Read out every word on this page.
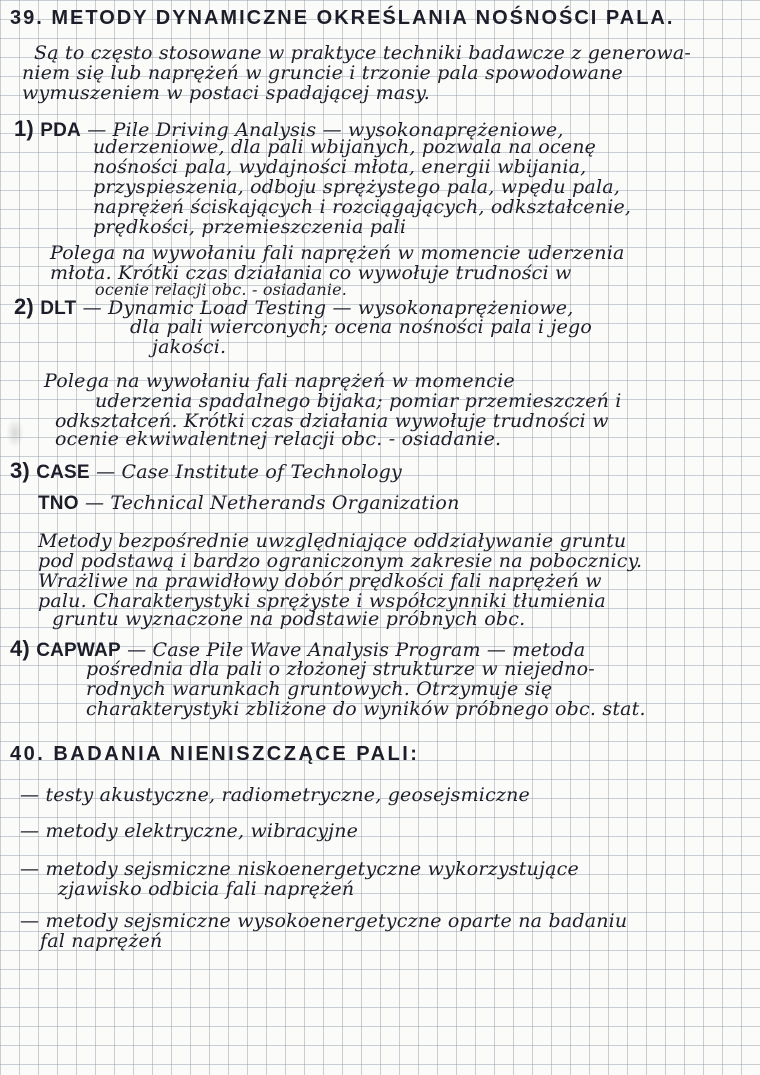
39. METODY DYNAMICZNE OKREŚLANIA NOŚNOŚCI PALA.
Są to często stosowane w praktyce techniki badawcze z generowa-
niem się lub naprężeń w gruncie i trzonie pala spowodowane
wymuszeniem w postaci spadającej masy.
1) PDA — Pile Driving Analysis — wysokonaprężeniowe,
uderzeniowe, dla pali wbijanych, pozwala na ocenę
nośności pala, wydajności młota, energii wbijania,
przyspieszenia, odboju sprężystego pala, wpędu pala,
naprężeń ściskających i rozciągających, odkształcenie,
prędkości, przemieszczenia pali
Polega na wywołaniu fali naprężeń w momencie uderzenia
młota. Krótki czas działania co wywołuje trudności w
ocenie relacji obc. - osiadanie.
2) DLT — Dynamic Load Testing — wysokonaprężeniowe,
dla pali wierconych; ocena nośności pala i jego
jakości.
Polega na wywołaniu fali naprężeń w momencie
uderzenia spadalnego bijaka; pomiar przemieszczeń i
odkształceń. Krótki czas działania wywołuje trudności w
ocenie ekwiwalentnej relacji obc. - osiadanie.
3) CASE — Case Institute of Technology
TNO — Technical Netherands Organization
Metody bezpośrednie uwzględniające oddziaływanie gruntu
pod podstawą i bardzo ograniczonym zakresie na pobocznicy.
Wrażliwe na prawidłowy dobór prędkości fali naprężeń w
palu. Charakterystyki sprężyste i współczynniki tłumienia
gruntu wyznaczone na podstawie próbnych obc.
4) CAPWAP — Case Pile Wave Analysis Program — metoda
pośrednia dla pali o złożonej strukturze w niejedno-
rodnych warunkach gruntowych. Otrzymuje się
charakterystyki zbliżone do wyników próbnego obc. stat.
40. BADANIA NIENISZCZĄCE PALI:
— testy akustyczne, radiometryczne, geosejsmiczne
— metody elektryczne, wibracyjne
— metody sejsmiczne niskoenergetyczne wykorzystujące
zjawisko odbicia fali naprężeń
— metody sejsmiczne wysokoenergetyczne oparte na badaniu
fal naprężeń
